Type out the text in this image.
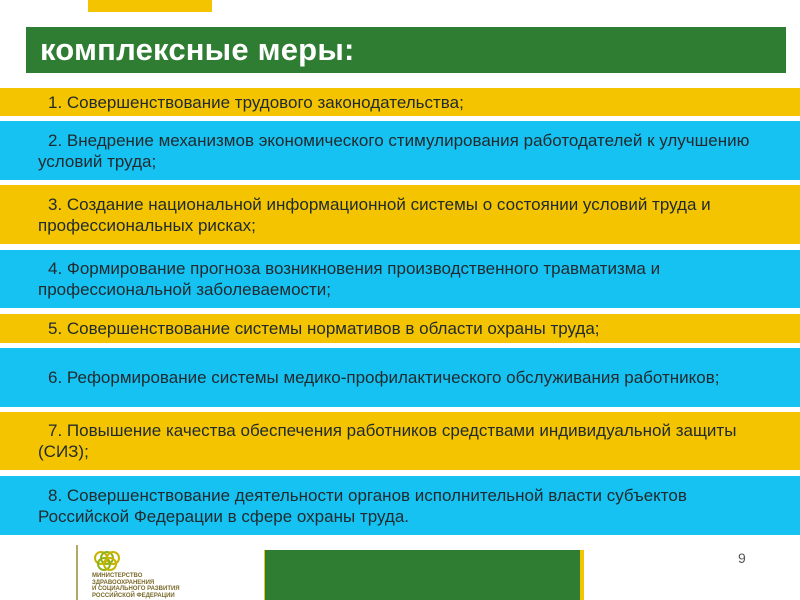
комплексные меры:
1. Совершенствование трудового законодательства;
2. Внедрение механизмов экономического стимулирования работодателей к улучшению условий труда;
3. Создание национальной информационной системы о состоянии условий труда и профессиональных рисках;
4. Формирование прогноза возникновения производственного травматизма и профессиональной заболеваемости;
5. Совершенствование системы нормативов в области охраны труда;
6. Реформирование системы медико-профилактического обслуживания работников;
7. Повышение качества обеспечения работников средствами индивидуальной защиты (СИЗ);
8. Совершенствование деятельности органов исполнительной власти субъектов Российской Федерации в сфере охраны труда.
МИНИСТЕРСТВО
ЗДРАВООХРАНЕНИЯ
И СОЦИАЛЬНОГО РАЗВИТИЯ
РОССИЙСКОЙ ФЕДЕРАЦИИ
9
